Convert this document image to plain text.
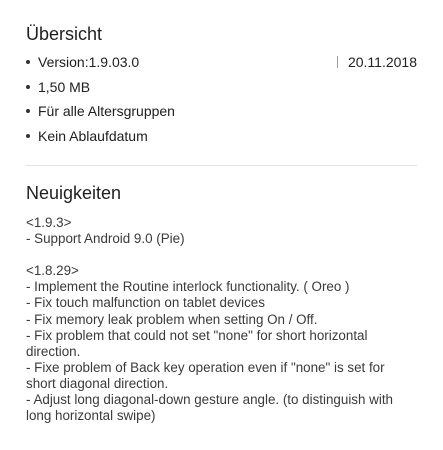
Übersicht
Version:1.9.03.0	20.11.2018
1,50 MB
Für alle Altersgruppen
Kein Ablaufdatum
Neuigkeiten
<1.9.3>
- Support Android 9.0 (Pie)
<1.8.29>
- Implement the Routine interlock functionality. ( Oreo )
- Fix touch malfunction on tablet devices
- Fix memory leak problem when setting On / Off.
- Fix problem that could not set "none" for short horizontal
direction.
- Fixe problem of Back key operation even if "none" is set for
short diagonal direction.
- Adjust long diagonal-down gesture angle. (to distinguish with
long horizontal swipe)
